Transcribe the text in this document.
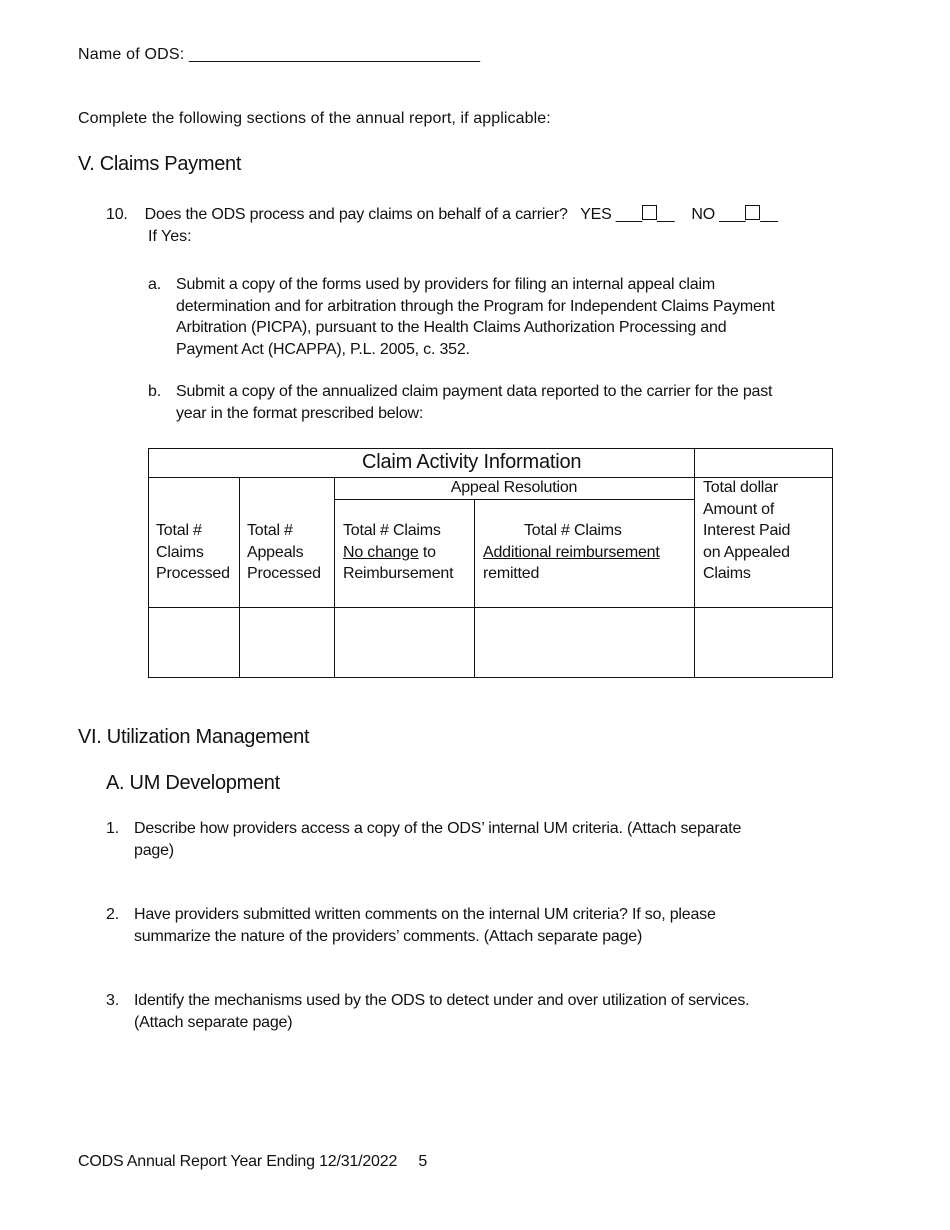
Name of ODS: ________________________________
Complete the following sections of the annual report, if applicable:
V. Claims Payment
10. Does the ODS process and pay claims on behalf of a carrier? YES ___ __ NO ___ __
If Yes:
a. Submit a copy of the forms used by providers for filing an internal appeal claim
determination and for arbitration through the Program for Independent Claims Payment
Arbitration (PICPA), pursuant to the Health Claims Authorization Processing and
Payment Act (HCAPPA), P.L. 2005, c. 352.
b. Submit a copy of the annualized claim payment data reported to the carrier for the past
year in the format prescribed below:
Claim Activity Information
Appeal Resolution
Total #
Claims
Processed
Total #
Appeals
Processed
Total # Claims
No change to
Reimbursement
Total # Claims
Additional reimbursement
remitted
Total dollar
Amount of
Interest Paid
on Appealed
Claims
VI. Utilization Management
A. UM Development
1. Describe how providers access a copy of the ODS’ internal UM criteria. (Attach separate
page)
2. Have providers submitted written comments on the internal UM criteria? If so, please
summarize the nature of the providers’ comments. (Attach separate page)
3. Identify the mechanisms used by the ODS to detect under and over utilization of services.
(Attach separate page)
CODS Annual Report Year Ending 12/31/2022 5
